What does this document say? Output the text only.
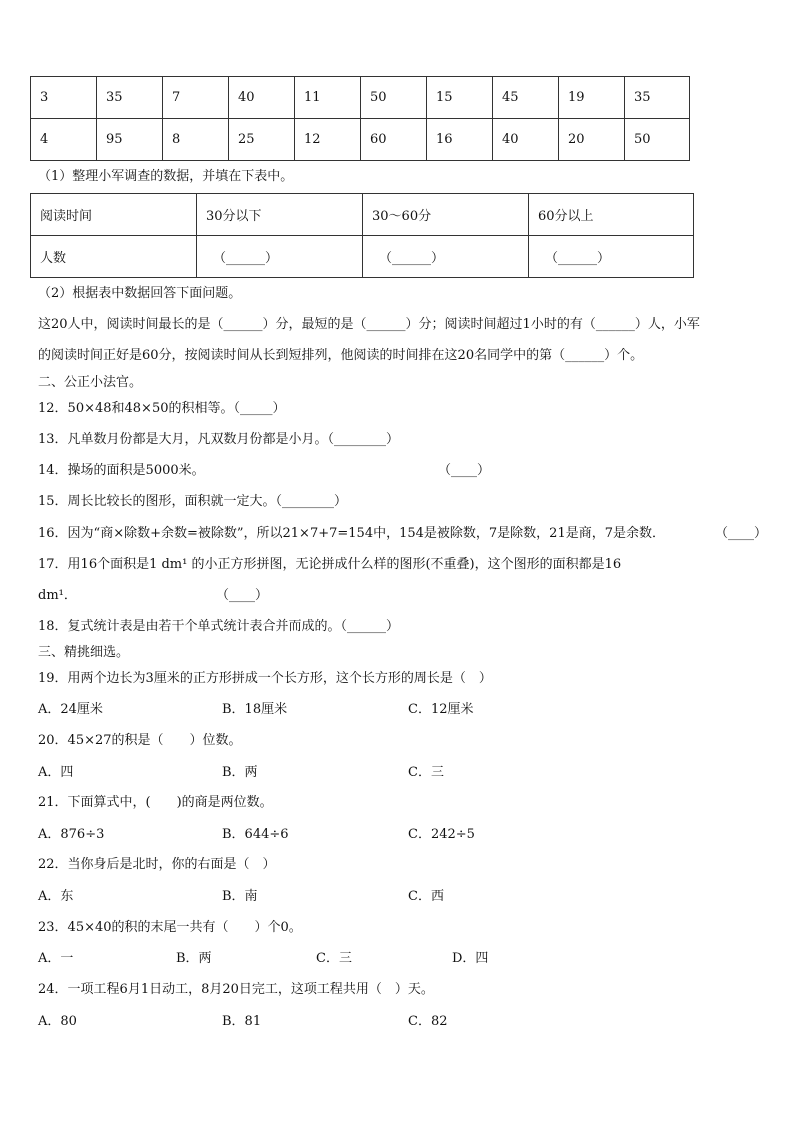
3	35	7	40	11	50	15	45	19	35
4	95	8	25	12	60	16	40	20	50
（1）整理小军调查的数据，并填在下表中。
阅读时间	30分以下	30～60分	60分以上
人数	（______）	（______）	（______）
（2）根据表中数据回答下面问题。
这20人中，阅读时间最长的是（______）分，最短的是（______）分；阅读时间超过1小时的有（______）人，小军
的阅读时间正好是60分，按阅读时间从长到短排列，他阅读的时间排在这20名同学中的第（______）个。
二、公正小法官。
12．50×48和48×50的积相等。（_____）
13．凡单数月份都是大月，凡双数月份都是小月。（________）
14．操场的面积是5000米。	（____）
15．周长比较长的图形，面积就一定大。（________）
16．因为“商×除数+余数=被除数”，所以21×7+7=154中，154是被除数，7是除数，21是商，7是余数．	（____）
17．用16个面积是1 dm¹ 的小正方形拼图，无论拼成什么样的图形(不重叠)，这个图形的面积都是16
dm¹．	（____）
18．复式统计表是由若干个单式统计表合并而成的。（______）
三、精挑细选。
19．用两个边长为3厘米的正方形拼成一个长方形，这个长方形的周长是（　）
A．24厘米	B．18厘米	C．12厘米
20．45×27的积是（　　）位数。
A．四	B．两	C．三
21．下面算式中，(　　)的商是两位数。
A．876÷3	B．644÷6	C．242÷5
22．当你身后是北时，你的右面是（　）
A．东	B．南	C．西
23．45×40的积的末尾一共有（　　）个0。
A．一	B．两	C．三	D．四
24．一项工程6月1日动工，8月20日完工，这项工程共用（　）天。
A．80	B．81	C．82
